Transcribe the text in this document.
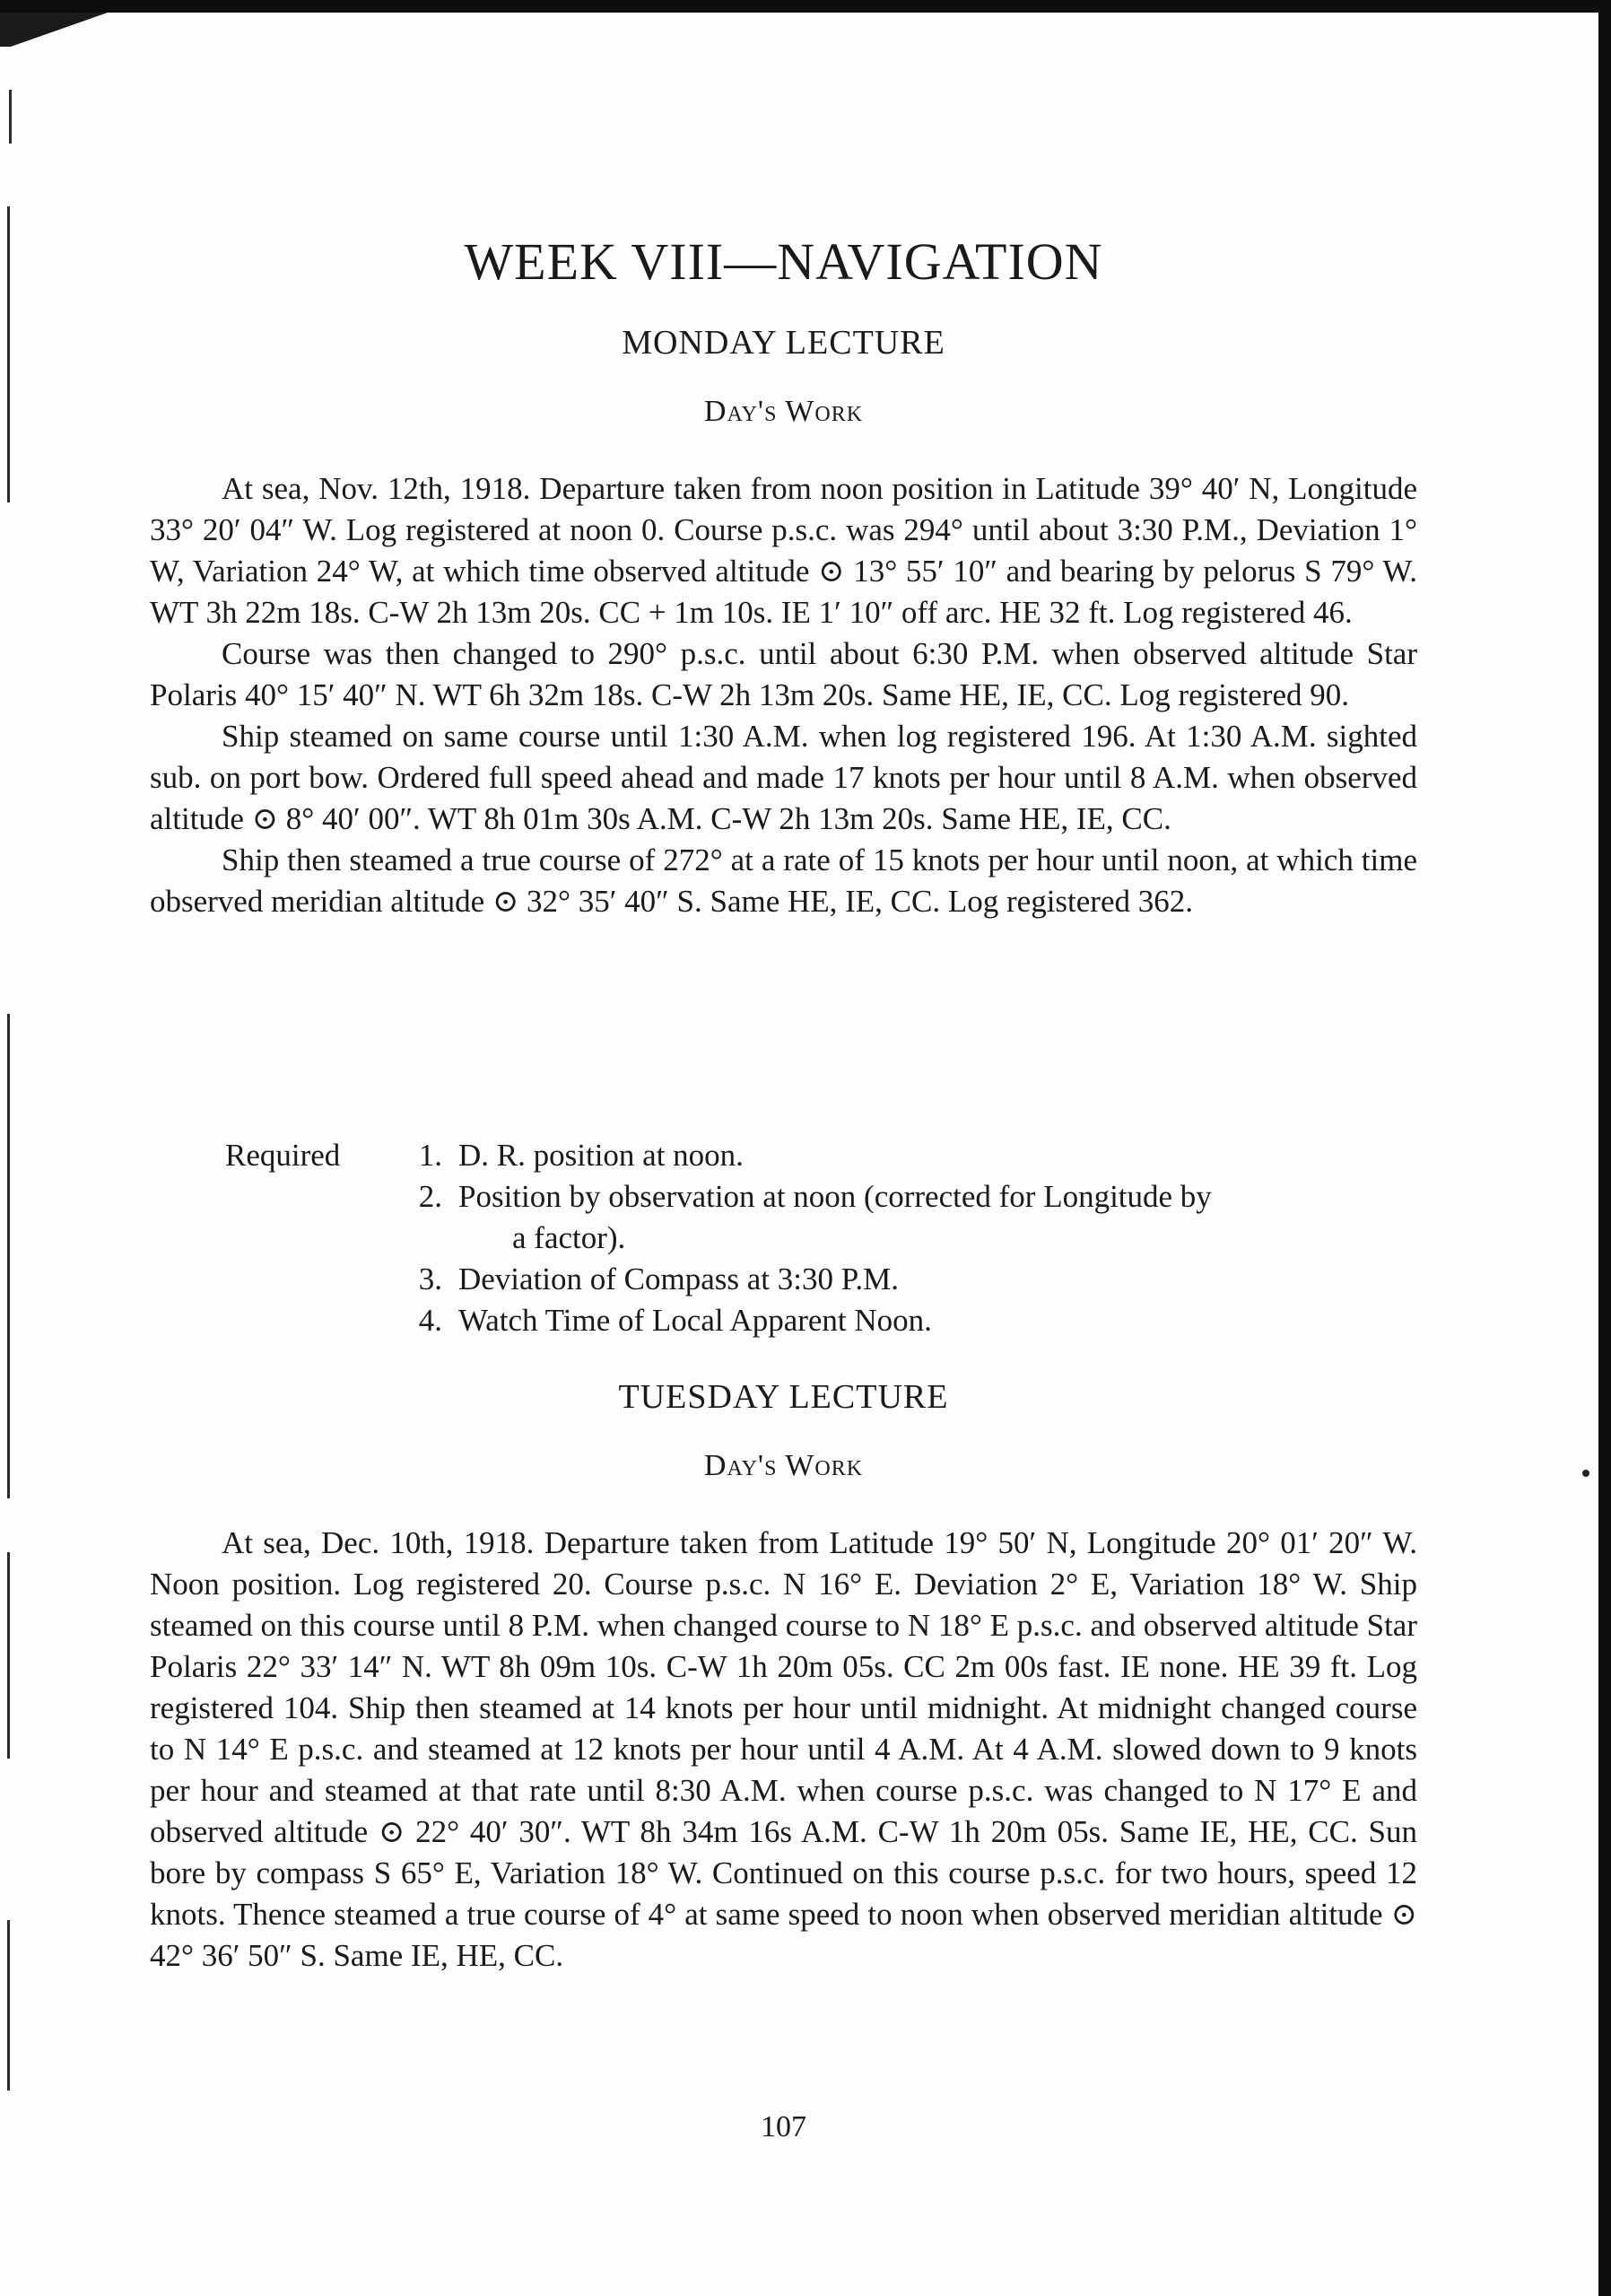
WEEK VIII—NAVIGATION
MONDAY LECTURE
Day's Work

At sea, Nov. 12th, 1918. Departure taken from noon position in Latitude 39° 40′ N, Longitude 33° 20′ 04″ W. Log registered at noon 0. Course p.s.c. was 294° until about 3:30 P.M., Deviation 1° W, Variation 24° W, at which time observed altitude ⊙ 13° 55′ 10″ and bearing by pelorus S 79° W. WT 3h 22m 18s. C-W 2h 13m 20s. CC + 1m 10s. IE 1′ 10″ off arc. HE 32 ft. Log registered 46.

Course was then changed to 290° p.s.c. until about 6:30 P.M. when observed altitude Star Polaris 40° 15′ 40″ N. WT 6h 32m 18s. C-W 2h 13m 20s. Same HE, IE, CC. Log registered 90.

Ship steamed on same course until 1:30 A.M. when log registered 196. At 1:30 A.M. sighted sub. on port bow. Ordered full speed ahead and made 17 knots per hour until 8 A.M. when observed altitude ⊙ 8° 40′ 00″. WT 8h 01m 30s A.M. C-W 2h 13m 20s. Same HE, IE, CC.

Ship then steamed a true course of 272° at a rate of 15 knots per hour until noon, at which time observed meridian altitude ⊙ 32° 35′ 40″ S. Same HE, IE, CC. Log registered 362.

Required	1. D. R. position at noon.
2. Position by observation at noon (corrected for Longitude by
a factor).
3. Deviation of Compass at 3:30 P.M.
4. Watch Time of Local Apparent Noon.
TUESDAY LECTURE
Day's Work

At sea, Dec. 10th, 1918. Departure taken from Latitude 19° 50′ N, Longitude 20° 01′ 20″ W. Noon position. Log registered 20. Course p.s.c. N 16° E. Deviation 2° E, Variation 18° W. Ship steamed on this course until 8 P.M. when changed course to N 18° E p.s.c. and observed altitude Star Polaris 22° 33′ 14″ N. WT 8h 09m 10s. C-W 1h 20m 05s. CC 2m 00s fast. IE none. HE 39 ft. Log registered 104. Ship then steamed at 14 knots per hour until midnight. At midnight changed course to N 14° E p.s.c. and steamed at 12 knots per hour until 4 A.M. At 4 A.M. slowed down to 9 knots per hour and steamed at that rate until 8:30 A.M. when course p.s.c. was changed to N 17° E and observed altitude ⊙ 22° 40′ 30″. WT 8h 34m 16s A.M. C-W 1h 20m 05s. Same IE, HE, CC. Sun bore by compass S 65° E, Variation 18° W. Continued on this course p.s.c. for two hours, speed 12 knots. Thence steamed a true course of 4° at same speed to noon when observed meridian altitude ⊙ 42° 36′ 50″ S. Same IE, HE, CC.

107
